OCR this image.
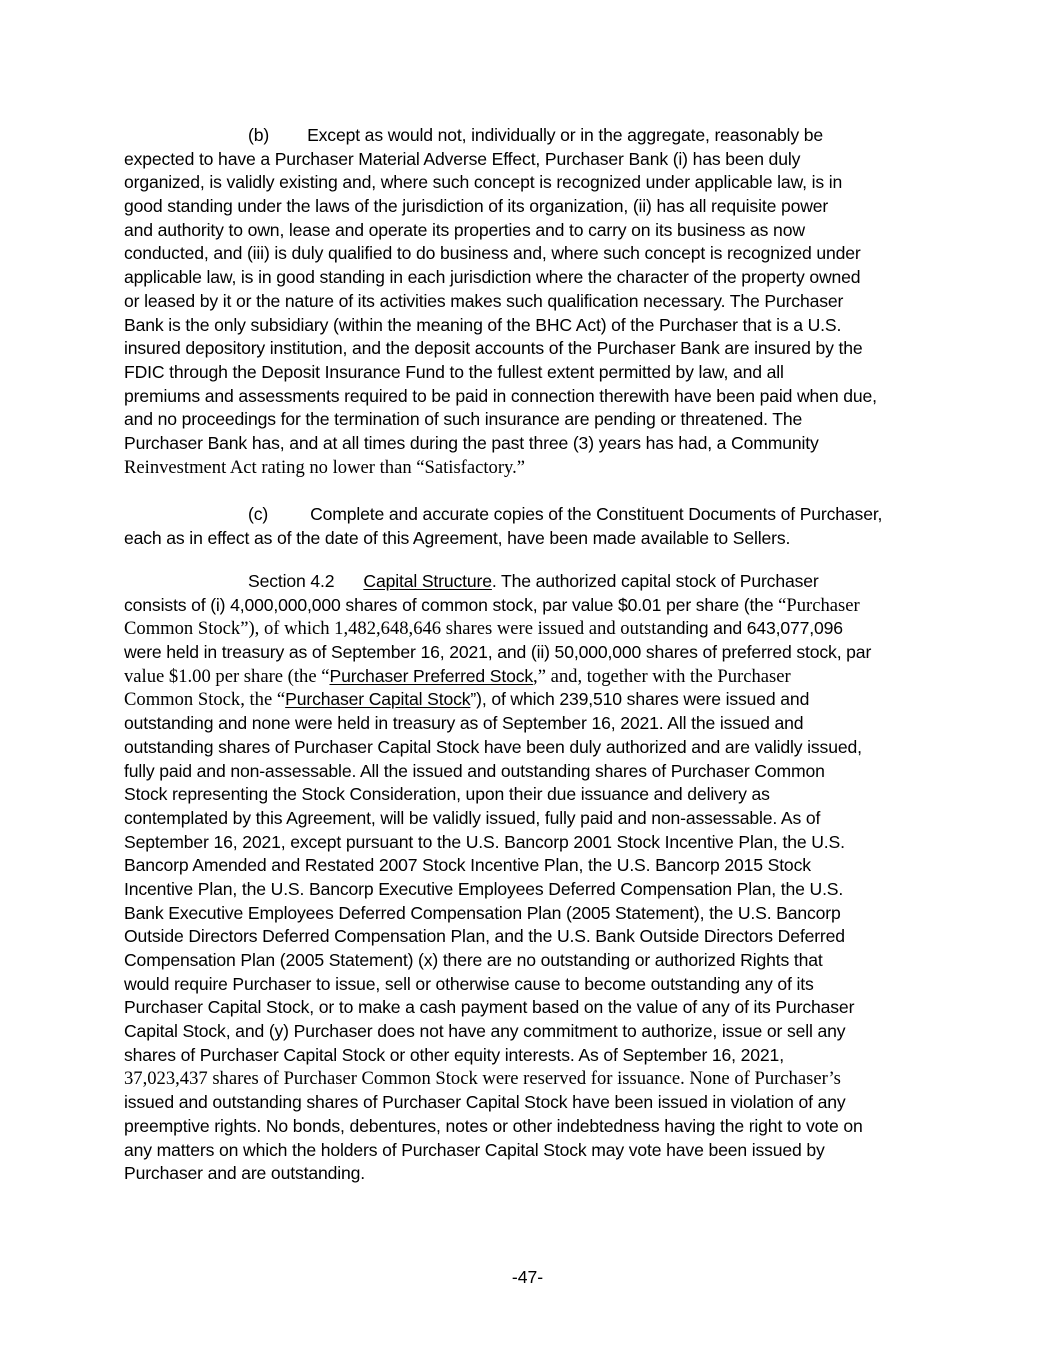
(b) Except as would not, individually or in the aggregate, reasonably be
expected to have a Purchaser Material Adverse Effect, Purchaser Bank (i) has been duly
organized, is validly existing and, where such concept is recognized under applicable law, is in
good standing under the laws of the jurisdiction of its organization, (ii) has all requisite power
and authority to own, lease and operate its properties and to carry on its business as now
conducted, and (iii) is duly qualified to do business and, where such concept is recognized under
applicable law, is in good standing in each jurisdiction where the character of the property owned
or leased by it or the nature of its activities makes such qualification necessary. The Purchaser
Bank is the only subsidiary (within the meaning of the BHC Act) of the Purchaser that is a U.S.
insured depository institution, and the deposit accounts of the Purchaser Bank are insured by the
FDIC through the Deposit Insurance Fund to the fullest extent permitted by law, and all
premiums and assessments required to be paid in connection therewith have been paid when due,
and no proceedings for the termination of such insurance are pending or threatened. The
Purchaser Bank has, and at all times during the past three (3) years has had, a Community
Reinvestment Act rating no lower than “Satisfactory.”
(c) Complete and accurate copies of the Constituent Documents of Purchaser,
each as in effect as of the date of this Agreement, have been made available to Sellers.
Section 4.2 Capital Structure. The authorized capital stock of Purchaser
consists of (i) 4,000,000,000 shares of common stock, par value $0.01 per share (the “Purchaser
Common Stock”), of which 1,482,648,646 shares were issued and outstanding and 643,077,096
were held in treasury as of September 16, 2021, and (ii) 50,000,000 shares of preferred stock, par
value $1.00 per share (the “Purchaser Preferred Stock,” and, together with the Purchaser
Common Stock, the “Purchaser Capital Stock”), of which 239,510 shares were issued and
outstanding and none were held in treasury as of September 16, 2021. All the issued and
outstanding shares of Purchaser Capital Stock have been duly authorized and are validly issued,
fully paid and non-assessable. All the issued and outstanding shares of Purchaser Common
Stock representing the Stock Consideration, upon their due issuance and delivery as
contemplated by this Agreement, will be validly issued, fully paid and non-assessable. As of
September 16, 2021, except pursuant to the U.S. Bancorp 2001 Stock Incentive Plan, the U.S.
Bancorp Amended and Restated 2007 Stock Incentive Plan, the U.S. Bancorp 2015 Stock
Incentive Plan, the U.S. Bancorp Executive Employees Deferred Compensation Plan, the U.S.
Bank Executive Employees Deferred Compensation Plan (2005 Statement), the U.S. Bancorp
Outside Directors Deferred Compensation Plan, and the U.S. Bank Outside Directors Deferred
Compensation Plan (2005 Statement) (x) there are no outstanding or authorized Rights that
would require Purchaser to issue, sell or otherwise cause to become outstanding any of its
Purchaser Capital Stock, or to make a cash payment based on the value of any of its Purchaser
Capital Stock, and (y) Purchaser does not have any commitment to authorize, issue or sell any
shares of Purchaser Capital Stock or other equity interests. As of September 16, 2021,
37,023,437 shares of Purchaser Common Stock were reserved for issuance. None of Purchaser’s
issued and outstanding shares of Purchaser Capital Stock have been issued in violation of any
preemptive rights. No bonds, debentures, notes or other indebtedness having the right to vote on
any matters on which the holders of Purchaser Capital Stock may vote have been issued by
Purchaser and are outstanding.
-47-
